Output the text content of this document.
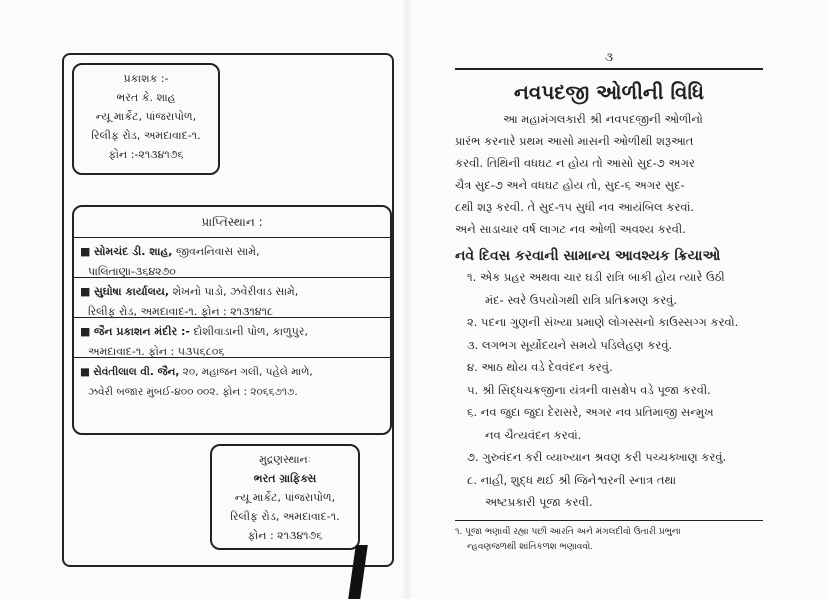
પ્રકાશક :-
ભરત કે. શાહ
ન્યૂ માર્કેટ, પાંજરાપોળ,
રિલીફ રોડ, અમદાવાદ-૧.
ફોન :-૨૧૩૪૧૭૬
પ્રાપ્તિસ્થાન :
■ સોમચંદ ડી. શાહ, જીવનનિવાસ સામે,
પાલિતાણા-૩૬૪૨૭૦
■ સુઘોષા કાર્યાલય, શેખનો પાડો, ઝવેરીવાડ સામે,
રિલીફ રોડ, અમદાવાદ-૧. ફોન : ૨૧૩૧૪૧૮
■ જૈન પ્રકાશન મંદીર :- દોશીવાડાની પોળ, કાળુપુર,
અમદાવાદ-૧. ફોન : ૫૩૫૬૮૦૬
■ સેવંતીલાલ વી. જૈન, ૨૦, મહાજન ગલી, પહેલે માળે,
ઝવેરી બજાર મુંબઈ-૪૦૦ ૦૦૨. ફોન : ૨૦૬૬૭૧૭.
મુદ્રણસ્થાનઃ
ભરત ગ્રાફિક્સ
ન્યૂ માર્કેટ, પાંજરાપોળ,
રિલીફ રોડ, અમદાવાદ-૧.
ફોન : ૨૧૩૪૧૭૬
૩
નવપદજી ઓળીની વિધિ
આ મહામંગલકારી શ્રી નવપદજીની ઓળીનો
પ્રારંભ કરનારે પ્રથમ આસો માસની ઓળીથી શરૂઆત
કરવી. તિથિની વધઘટ ન હોય તો આસો સુદ-૭ અગર
ચૈત્ર સુદ-૭ અને વધઘટ હોય તો, સુદ-૬ અગર સુદ-
૮થી શરૂ કરવી. તે સુદ-૧૫ સુધી નવ આયંબિલ કરવાં.
અને સાડાચાર વર્ષ લાગટ નવ ઓળી અવશ્ય કરવી.
નવે દિવસ કરવાની સામાન્ય આવશ્યક ક્રિયાઓ
૧. એક પ્રહર અથવા ચાર ઘડી રાત્રિ બાકી હોય ત્યારે ઉઠી
મંદ- સ્વરે ઉપયોગથી રાત્રિ પ્રતિક્રમણ કરવું.
૨. પદના ગુણની સંખ્યા પ્રમાણે લોગસ્સનો કાઉસ્સગ્ગ કરવો.
૩. લગભગ સૂર્યોદયને સમયે પડિલેહણ કરવું.
૪. આઠ થોય વડે દેવવંદન કરવું.
૫. શ્રી સિદ્ધચક્રજીના યંત્રની વાસક્ષેપ વડે પૂજા કરવી.
૬. નવ જુદા જુદા દેરાસરે, અગર નવ પ્રતિમાજી સન્મુખ
નવ ચૈત્યવંદન કરવાં.
૭. ગુરુવંદન કરી વ્યાખ્યાન શ્રવણ કરી પચ્ચક્ખાણ કરવું.
૮. નાહી, શુદ્ધ થઈ શ્રી જિનેશ્વરની સ્નાત્ર તથા
અષ્ટપ્રકારી પૂજા કરવી.
૧. પૂજા ભણાવી રહ્યા પછી આરતિ અને મંગલદીવો ઉતારી પ્રભુના
ન્હવણજળથી શાંતિકળશ ભણાવવો.
